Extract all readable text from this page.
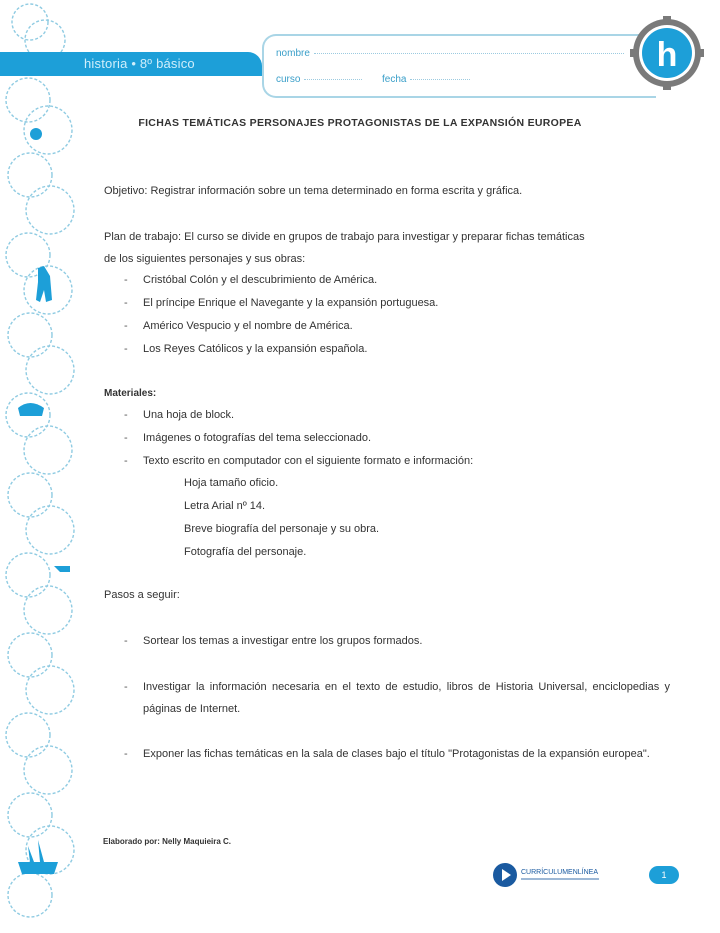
historia • 8º básico
nombre
curso	fecha
h
FICHAS TEMÁTICAS PERSONAJES PROTAGONISTAS DE LA EXPANSIÓN EUROPEA
Objetivo: Registrar información sobre un tema determinado en forma escrita y gráfica.
Plan de trabajo: El curso se divide en grupos de trabajo para investigar y preparar fichas temáticas
de los siguientes personajes y sus obras:
- Cristóbal Colón y el descubrimiento de América.
- El príncipe Enrique el Navegante y la expansión portuguesa.
- Américo Vespucio y el nombre de América.
- Los Reyes Católicos y la expansión española.
Materiales:
- Una hoja de block.
- Imágenes o fotografías del tema seleccionado.
- Texto escrito en computador con el siguiente formato e información:
Hoja tamaño oficio.
Letra Arial nº 14.
Breve biografía del personaje y su obra.
Fotografía del personaje.
Pasos a seguir:
- Sortear los temas a investigar entre los grupos formados.
- Investigar la información necesaria en el texto de estudio, libros de Historia Universal, enciclopedias y páginas de Internet.
- Exponer las fichas temáticas en la sala de clases bajo el título "Protagonistas de la expansión europea".
Elaborado por: Nelly Maquieira C.
CURRÍCULUMENLÍNEA	1
